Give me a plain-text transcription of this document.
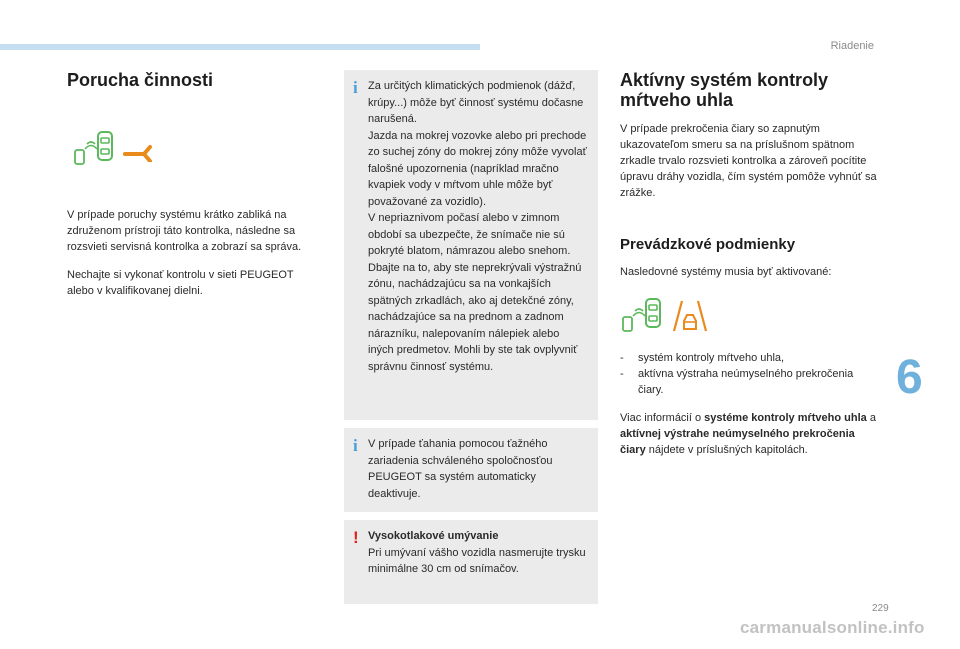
Riadenie
Porucha činnosti

V prípade poruchy systému krátko zabliká na združenom prístroji táto kontrolka, následne sa rozsvieti servisná kontrolka a zobrazí sa správa.

Nechajte si vykonať kontrolu v sieti PEUGEOT alebo v kvalifikovanej dielni.

i Za určitých klimatických podmienok (dážď, krúpy...) môže byť činnosť systému dočasne narušená.
Jazda na mokrej vozovke alebo pri prechode zo suchej zóny do mokrej zóny môže vyvolať falošné upozornenia (napríklad mračno kvapiek vody v mŕtvom uhle môže byť považované za vozidlo).
V nepriaznivom počasí alebo v zimnom období sa ubezpečte, že snímače nie sú pokryté blatom, námrazou alebo snehom.
Dbajte na to, aby ste neprekrývali výstražnú zónu, nachádzajúcu sa na vonkajších spätných zrkadlách, ako aj detekčné zóny, nachádzajúce sa na prednom a zadnom nárazníku, nalepovaním nálepiek alebo iných predmetov. Mohli by ste tak ovplyvniť správnu činnosť systému.

i V prípade ťahania pomocou ťažného zariadenia schváleného spoločnosťou PEUGEOT sa systém automaticky deaktivuje.

! Vysokotlakové umývanie

Pri umývaní vášho vozidla nasmerujte trysku minimálne 30 cm od snímačov.

Aktívny systém kontroly mŕtveho uhla

V prípade prekročenia čiary so zapnutým ukazovateľom smeru sa na príslušnom spätnom zrkadle trvalo rozsvieti kontrolka a zároveň pocítite úpravu dráhy vozidla, čím systém pomôže vyhnúť sa zrážke.

Prevádzkové podmienky

Nasledovné systémy musia byť aktivované:

- systém kontroly mŕtveho uhla,
- aktívna výstraha neúmyselného prekročenia čiary.

Viac informácií o systéme kontroly mŕtveho uhla a aktívnej výstrahe neúmyselného prekročenia čiary nájdete v príslušných kapitolách.

6
229
carmanualsonline.info
